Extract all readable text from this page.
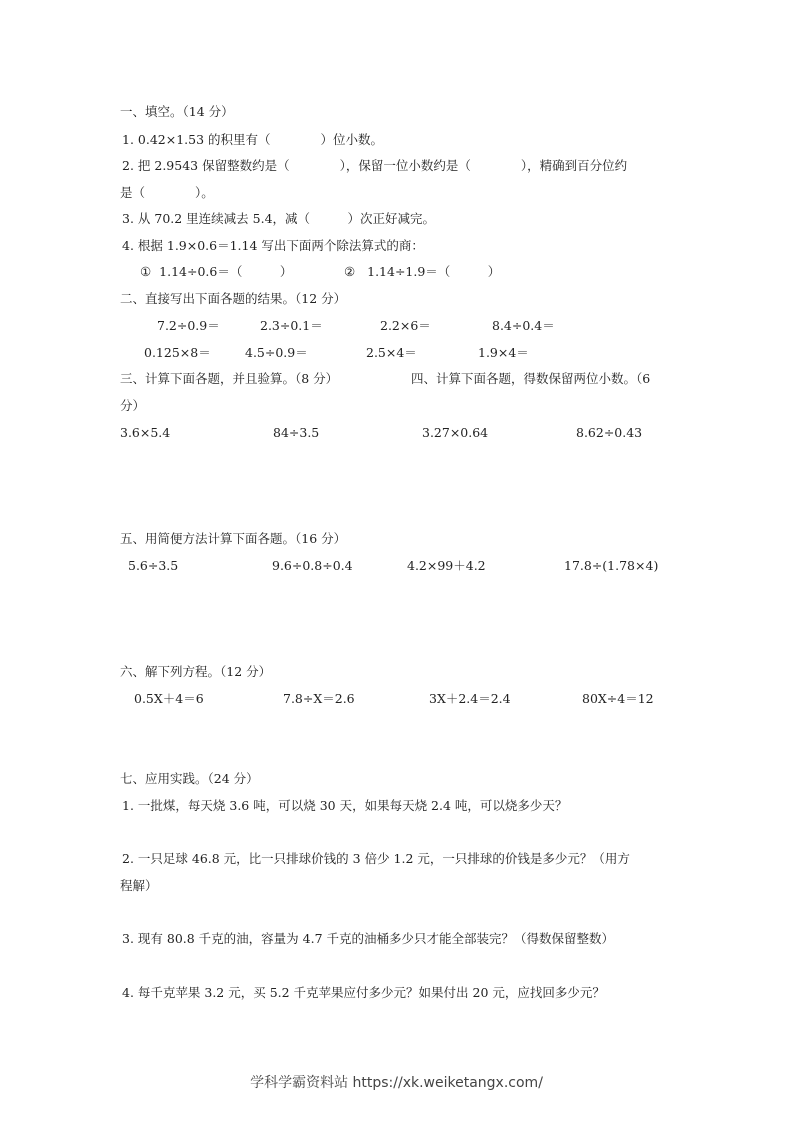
一、填空。（14 分）
1. 0.42×1.53 的积里有（　　　　）位小数。
2. 把 2.9543 保留整数约是（　　　　），保留一位小数约是（　　　　），精确到百分位约
是（　　　　）。
3. 从 70.2 里连续减去 5.4，减（　　　）次正好减完。
4. 根据 1.9×0.6＝1.14 写出下面两个除法算式的商：
①  1.14÷0.6＝（　　　）	②   1.14÷1.9＝（　　　）
二、直接写出下面各题的结果。（12 分）
7.2÷0.9＝	2.3÷0.1＝	2.2×6＝	8.4÷0.4＝
0.125×8＝	4.5÷0.9＝	2.5×4＝	1.9×4＝
三、计算下面各题，并且验算。（8 分）	四、计算下面各题，得数保留两位小数。（6
分）
3.6×5.4	84÷3.5	3.27×0.64	8.62÷0.43
五、用简便方法计算下面各题。（16 分）
5.6÷3.5	9.6÷0.8÷0.4	4.2×99＋4.2	17.8÷(1.78×4)
六、解下列方程。（12 分）
0.5X＋4＝6	7.8÷X＝2.6	3X＋2.4＝2.4	80X÷4＝12
七、应用实践。（24 分）
1. 一批煤，每天烧 3.6 吨，可以烧 30 天，如果每天烧 2.4 吨，可以烧多少天？
2. 一只足球 46.8 元，比一只排球价钱的 3 倍少 1.2 元，一只排球的价钱是多少元？（用方
程解）
3. 现有 80.8 千克的油，容量为 4.7 千克的油桶多少只才能全部装完？（得数保留整数）
4. 每千克苹果 3.2 元，买 5.2 千克苹果应付多少元？如果付出 20 元，应找回多少元？
学科学霸资料站 https://xk.weiketangx.com/
